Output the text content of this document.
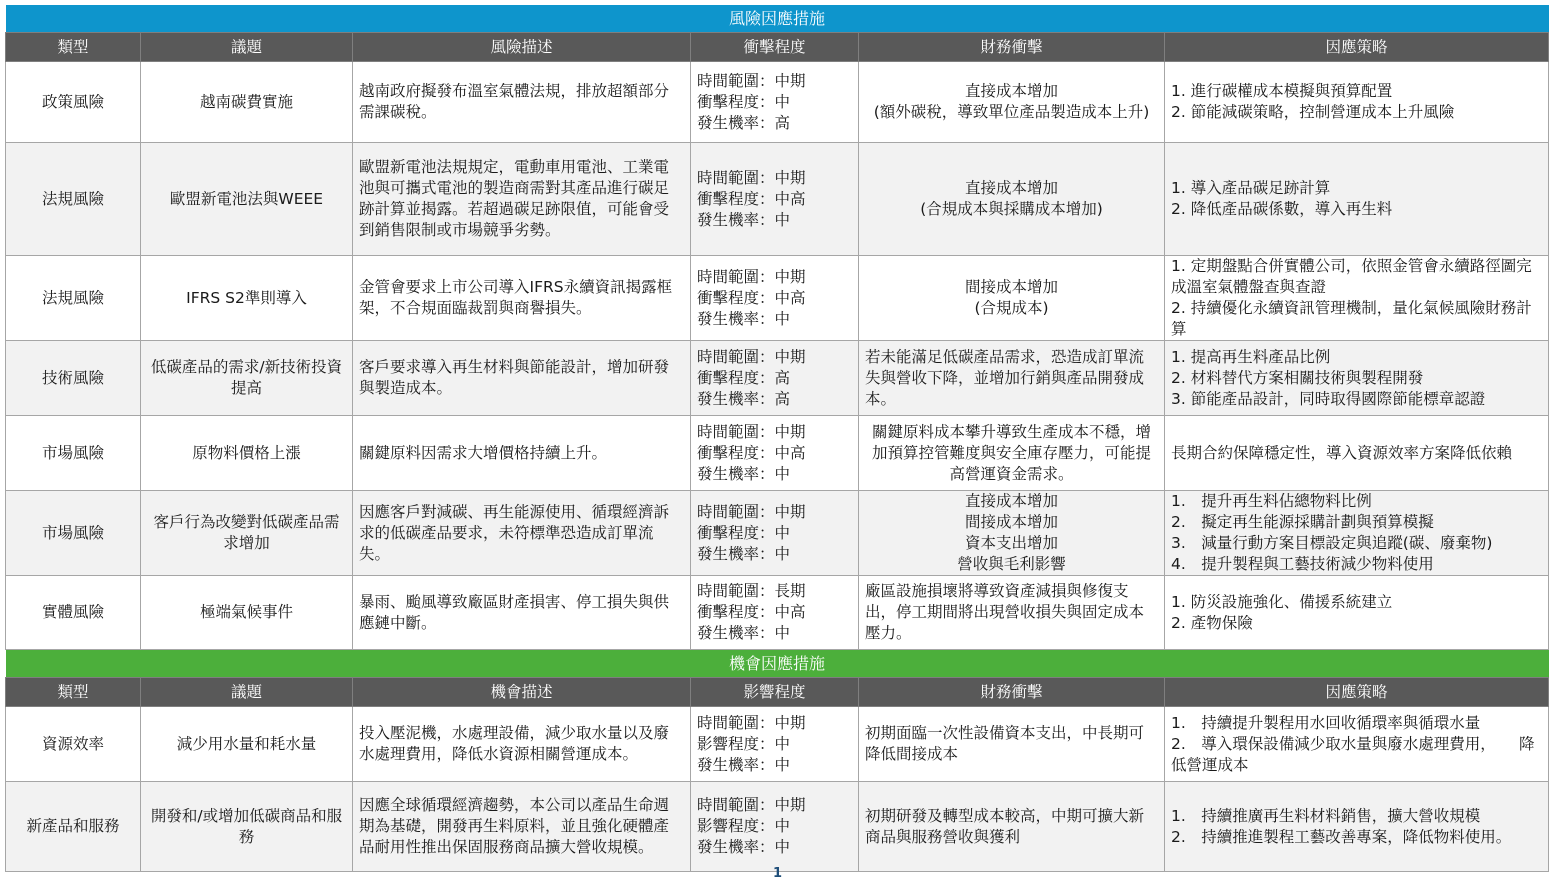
風險因應措施					
類型	議題	風險描述	衝擊程度	財務衝擊	因應策略
政策風險	越南碳費實施	越南政府擬發布溫室氣體法規，排放超額部分需課碳稅。	時間範圍：中期
衝擊程度：中
發生機率：高	直接成本增加
(額外碳稅，導致單位產品製造成本上升)	1. 進行碳權成本模擬與預算配置
2. 節能減碳策略，控制營運成本上升風險

法規風險	歐盟新電池法與WEEE	歐盟新電池法規規定，電動車用電池、工業電池與可攜式電池的製造商需對其產品進行碳足跡計算並揭露。若超過碳足跡限值，可能會受到銷售限制或市場競爭劣勢。	時間範圍：中期
衝擊程度：中高
發生機率：中	直接成本增加
(合規成本與採購成本增加)	1. 導入產品碳足跡計算
2. 降低產品碳係數，導入再生料

法規風險	IFRS S2準則導入	金管會要求上市公司導入IFRS永續資訊揭露框架，不合規面臨裁罰與商譽損失。	時間範圍：中期
衝擊程度：中高
發生機率：中	間接成本增加
(合規成本)	1. 定期盤點合併實體公司，依照金管會永續路徑圖完成溫室氣體盤查與查證
2. 持續優化永續資訊管理機制，量化氣候風險財務計算

技術風險	低碳產品的需求/新技術投資提高	客戶要求導入再生材料與節能設計，增加研發與製造成本。	時間範圍：中期
衝擊程度：高
發生機率：高	若未能滿足低碳產品需求，恐造成訂單流失與營收下降，並增加行銷與產品開發成本。	1. 提高再生料產品比例
2. 材料替代方案相關技術與製程開發
3. 節能產品設計，同時取得國際節能標章認證

市場風險	原物料價格上漲	關鍵原料因需求大增價格持續上升。	時間範圍：中期
衝擊程度：中高
發生機率：中	關鍵原料成本攀升導致生產成本不穩，增加預算控管難度與安全庫存壓力，可能提高營運資金需求。	長期合約保障穩定性，導入資源效率方案降低依賴

市場風險	客戶行為改變對低碳產品需求增加	因應客戶對減碳、再生能源使用、循環經濟訴求的低碳產品要求，未符標準恐造成訂單流失。	時間範圍：中期
衝擊程度：中
發生機率：中	直接成本增加
間接成本增加
資本支出增加
營收與毛利影響	1.　提升再生料佔總物料比例
2.　擬定再生能源採購計劃與預算模擬
3.　減量行動方案目標設定與追蹤(碳、廢棄物)
4.　提升製程與工藝技術減少物料使用

實體風險	極端氣候事件	暴雨、颱風導致廠區財產損害、停工損失與供應鏈中斷。	時間範圍：長期
衝擊程度：中高
發生機率：中	廠區設施損壞將導致資產減損與修復支出，停工期間將出現營收損失與固定成本壓力。	1. 防災設施強化、備援系統建立
2. 產物保險

機會因應措施					
類型	議題	機會描述	影響程度	財務衝擊	因應策略
資源效率	減少用水量和耗水量	投入壓泥機，水處理設備，減少取水量以及廢水處理費用，降低水資源相關營運成本。	時間範圍：中期
影響程度：中
發生機率：中	初期面臨一次性設備資本支出，中長期可降低間接成本	1.　持續提升製程用水回收循環率與循環水量
2.　導入環保設備減少取水量與廢水處理費用，　　降低營運成本

新產品和服務	開發和/或增加低碳商品和服務	因應全球循環經濟趨勢，本公司以產品生命週期為基礎，開發再生料原料，並且強化硬體產品耐用性推出保固服務商品擴大營收規模。	時間範圍：中期
影響程度：中
發生機率：中	初期研發及轉型成本較高，中期可擴大新商品與服務營收與獲利	1.　持續推廣再生料材料銷售，擴大營收規模
2.　持續推進製程工藝改善專案，降低物料使用。
1
